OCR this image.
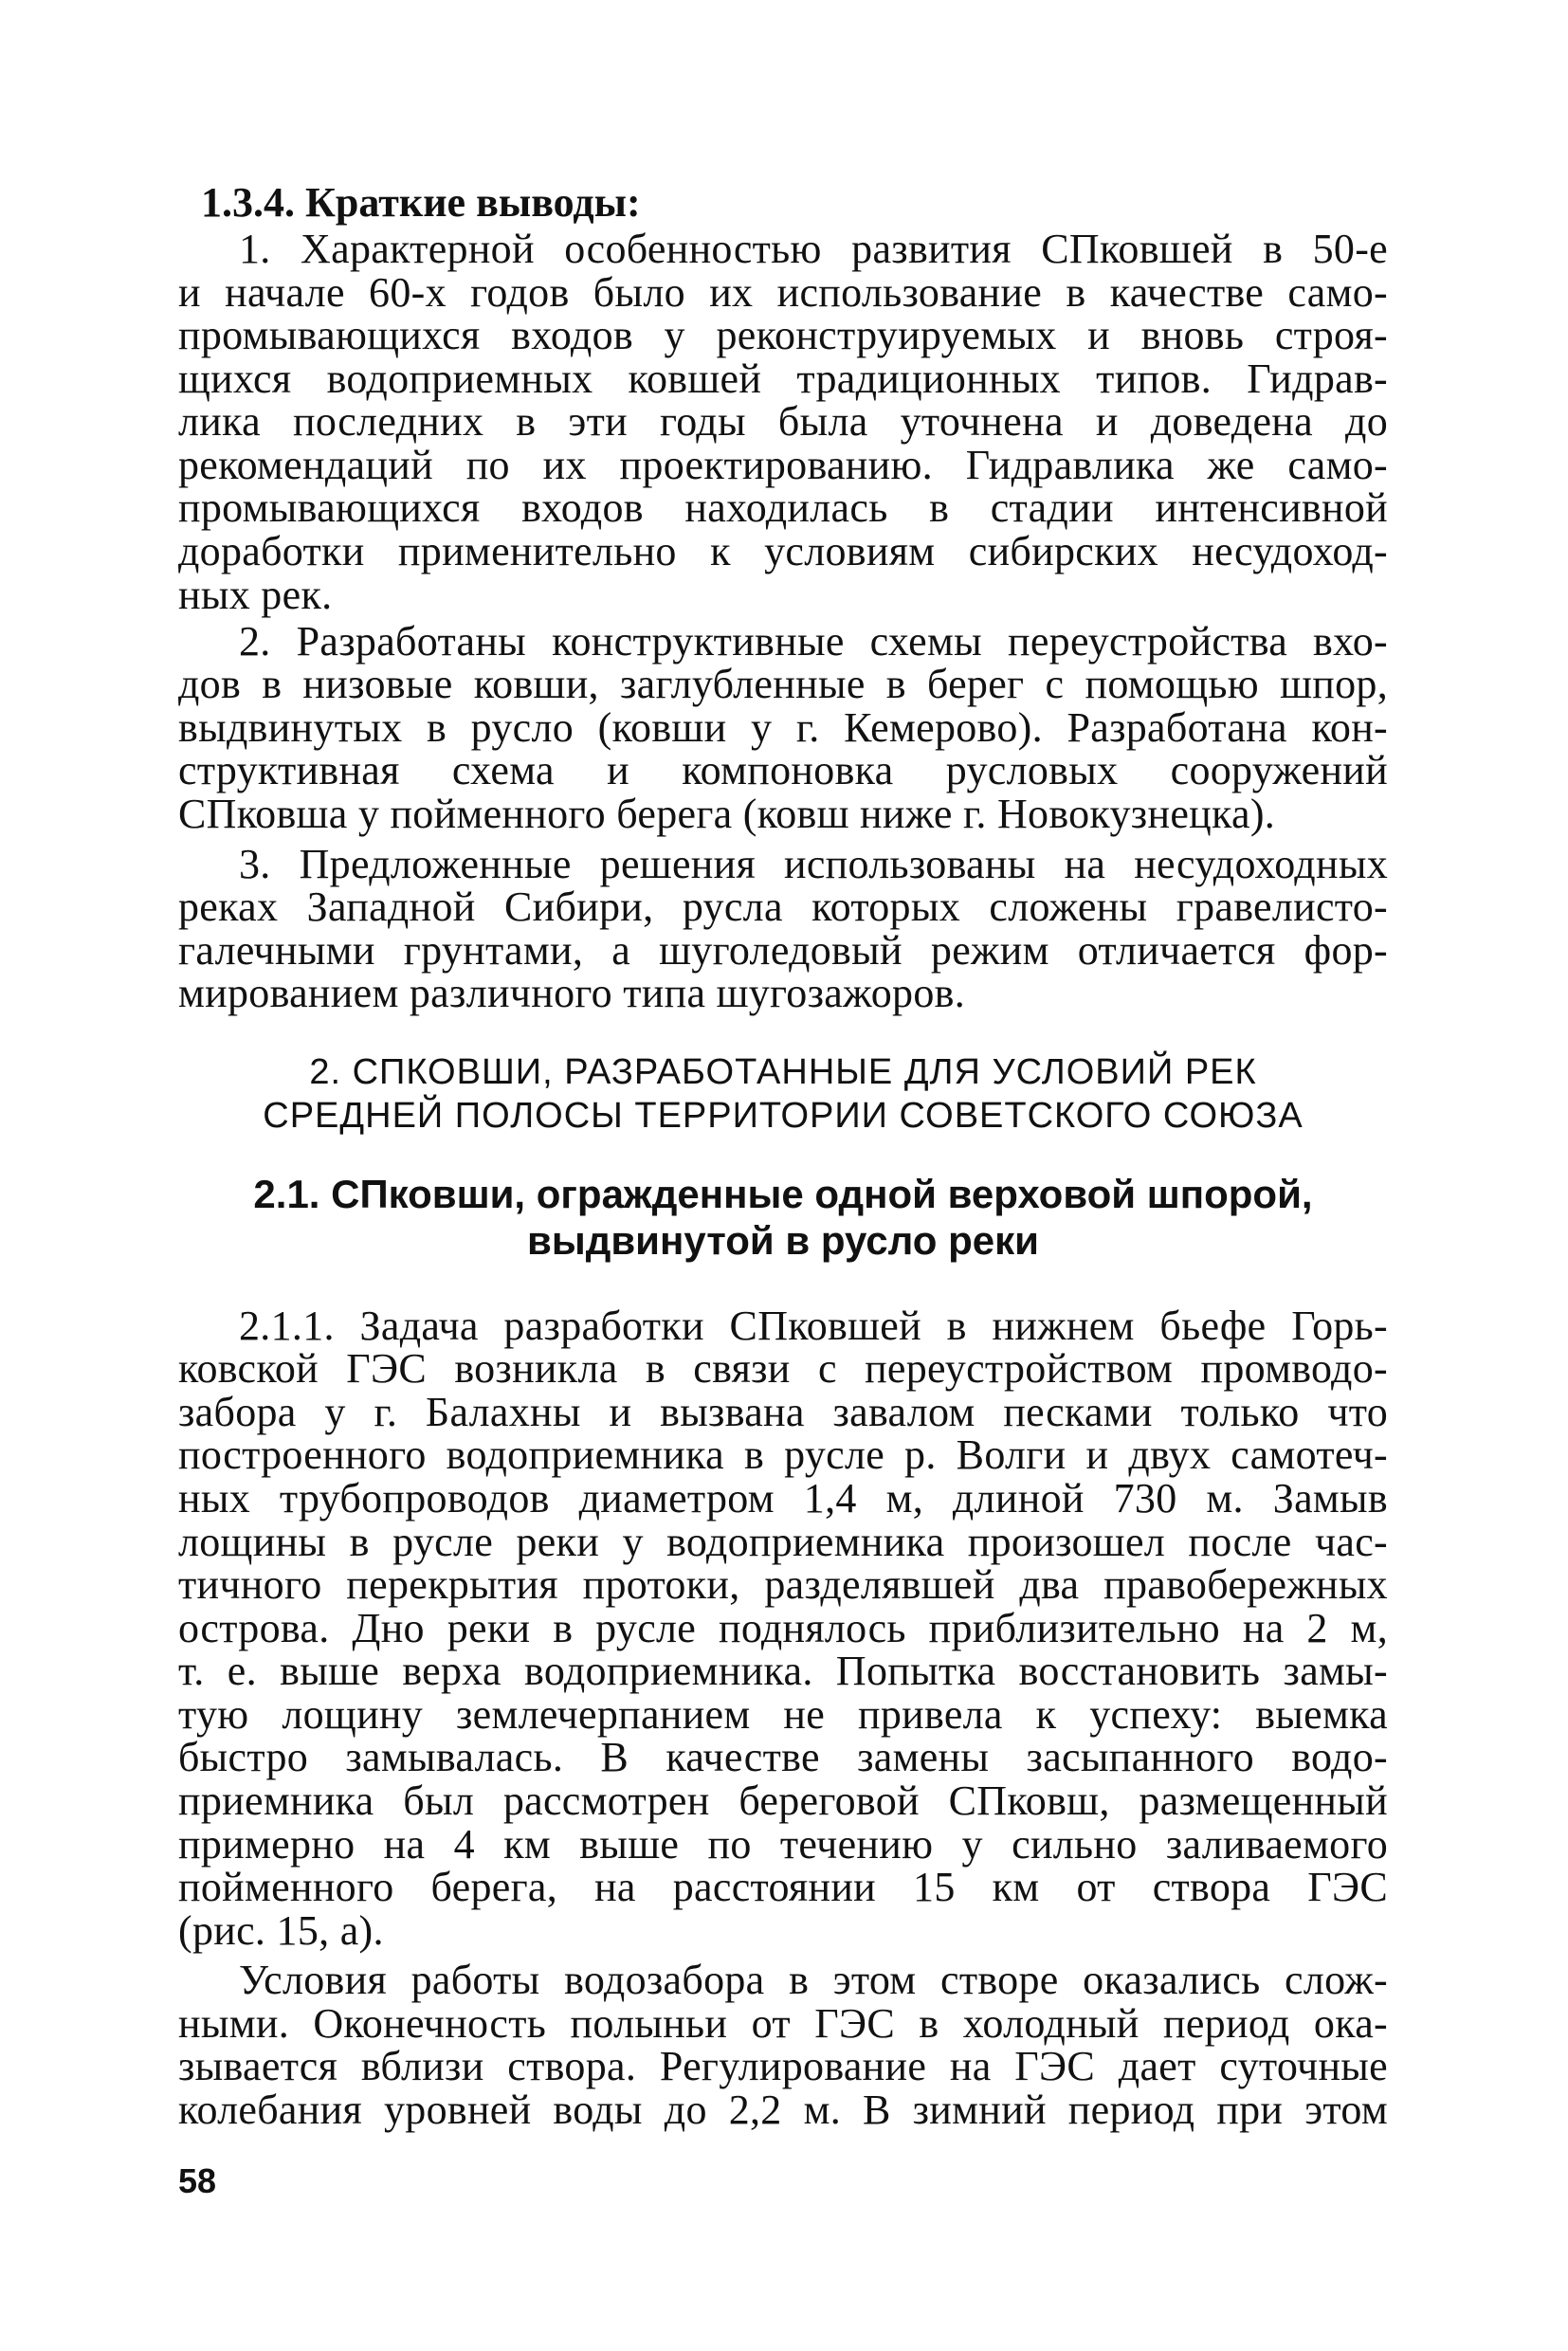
1.3.4. Краткие выводы:
1. Характерной особенностью развития СПковшей в 50-е
и начале 60-х годов было их использование в качестве само-
промывающихся входов у реконструируемых и вновь строя-
щихся водоприемных ковшей традиционных типов. Гидрав-
лика последних в эти годы была уточнена и доведена до
рекомендаций по их проектированию. Гидравлика же само-
промывающихся входов находилась в стадии интенсивной
доработки применительно к условиям сибирских несудоход-
ных рек.
2. Разработаны конструктивные схемы переустройства вхо-
дов в низовые ковши, заглубленные в берег с помощью шпор,
выдвинутых в русло (ковши у г. Кемерово). Разработана кон-
структивная схема и компоновка русловых сооружений
СПковша у пойменного берега (ковш ниже г. Новокузнецка).
3. Предложенные решения использованы на несудоходных
реках Западной Сибири, русла которых сложены гравелисто-
галечными грунтами, а шуголедовый режим отличается фор-
мированием различного типа шугозажоров.
2. СПКОВШИ, РАЗРАБОТАННЫЕ ДЛЯ УСЛОВИЙ РЕК
СРЕДНЕЙ ПОЛОСЫ ТЕРРИТОРИИ СОВЕТСКОГО СОЮЗА
2.1. СПковши, огражденные одной верховой шпорой,
выдвинутой в русло реки
2.1.1. Задача разработки СПковшей в нижнем бьефе Горь-
ковской ГЭС возникла в связи с переустройством промводо-
забора у г. Балахны и вызвана завалом песками только что
построенного водоприемника в русле р. Волги и двух самотеч-
ных трубопроводов диаметром 1,4 м, длиной 730 м. Замыв
лощины в русле реки у водоприемника произошел после час-
тичного перекрытия протоки, разделявшей два правобережных
острова. Дно реки в русле поднялось приблизительно на 2 м,
т. е. выше верха водоприемника. Попытка восстановить замы-
тую лощину землечерпанием не привела к успеху: выемка
быстро замывалась. В качестве замены засыпанного водо-
приемника был рассмотрен береговой СПковш, размещенный
примерно на 4 км выше по течению у сильно заливаемого
пойменного берега, на расстоянии 15 км от створа ГЭС
(рис. 15, а).
Условия работы водозабора в этом створе оказались слож-
ными. Оконечность полыньи от ГЭС в холодный период ока-
зывается вблизи створа. Регулирование на ГЭС дает суточные
колебания уровней воды до 2,2 м. В зимний период при этом
58
